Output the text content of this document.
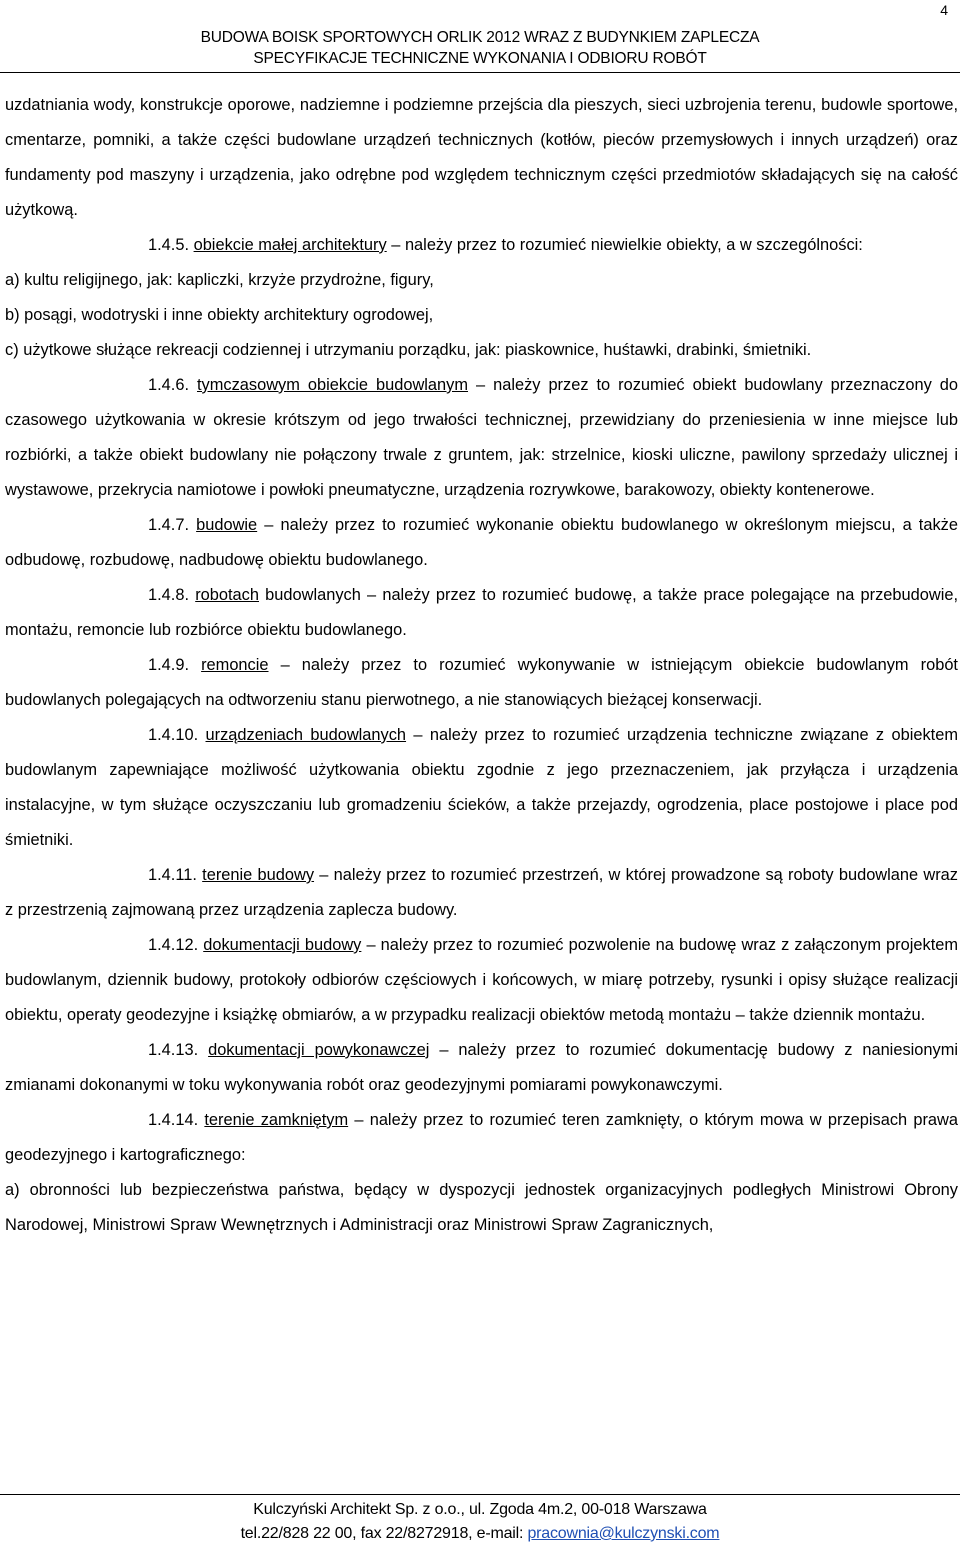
4
BUDOWA BOISK SPORTOWYCH ORLIK 2012 WRAZ Z BUDYNKIEM ZAPLECZA
SPECYFIKACJE TECHNICZNE WYKONANIA I ODBIORU ROBÓT

uzdatniania wody, konstrukcje oporowe, nadziemne i podziemne przejścia dla pieszych, sieci uzbrojenia terenu, budowle sportowe, cmentarze, pomniki, a także części budowlane urządzeń technicznych (kotłów, pieców przemysłowych i innych urządzeń) oraz fundamenty pod maszyny i urządzenia, jako odrębne pod względem technicznym części przedmiotów składających się na całość użytkową.

1.4.5. obiekcie małej architektury – należy przez to rozumieć niewielkie obiekty, a w szczególności:

a) kultu religijnego, jak: kapliczki, krzyże przydrożne, figury,

b) posągi, wodotryski i inne obiekty architektury ogrodowej,

c) użytkowe służące rekreacji codziennej i utrzymaniu porządku, jak: piaskownice, huśtawki, drabinki, śmietniki.

1.4.6. tymczasowym obiekcie budowlanym – należy przez to rozumieć obiekt budowlany przeznaczony do czasowego użytkowania w okresie krótszym od jego trwałości technicznej, przewidziany do przeniesienia w inne miejsce lub rozbiórki, a także obiekt budowlany nie połączony trwale z gruntem, jak: strzelnice, kioski uliczne, pawilony sprzedaży ulicznej i wystawowe, przekrycia namiotowe i powłoki pneumatyczne, urządzenia rozrywkowe, barakowozy, obiekty kontenerowe.

1.4.7. budowie – należy przez to rozumieć wykonanie obiektu budowlanego w określonym miejscu, a także odbudowę, rozbudowę, nadbudowę obiektu budowlanego.

1.4.8. robotach budowlanych – należy przez to rozumieć budowę, a także prace polegające na przebudowie, montażu, remoncie lub rozbiórce obiektu budowlanego.

1.4.9. remoncie – należy przez to rozumieć wykonywanie w istniejącym obiekcie budowlanym robót budowlanych polegających na odtworzeniu stanu pierwotnego, a nie stanowiących bieżącej konserwacji.

1.4.10. urządzeniach budowlanych – należy przez to rozumieć urządzenia techniczne związane z obiektem budowlanym zapewniające możliwość użytkowania obiektu zgodnie z jego przeznaczeniem, jak przyłącza i urządzenia instalacyjne, w tym służące oczyszczaniu lub gromadzeniu ścieków, a także przejazdy, ogrodzenia, place postojowe i place pod śmietniki.

1.4.11. terenie budowy – należy przez to rozumieć przestrzeń, w której prowadzone są roboty budowlane wraz z przestrzenią zajmowaną przez urządzenia zaplecza budowy.

1.4.12. dokumentacji budowy – należy przez to rozumieć pozwolenie na budowę wraz z załączonym projektem budowlanym, dziennik budowy, protokoły odbiorów częściowych i końcowych, w miarę potrzeby, rysunki i opisy służące realizacji obiektu, operaty geodezyjne i książkę obmiarów, a w przypadku realizacji obiektów metodą montażu – także dziennik montażu.

1.4.13. dokumentacji powykonawczej – należy przez to rozumieć dokumentację budowy z naniesionymi zmianami dokonanymi w toku wykonywania robót oraz geodezyjnymi pomiarami powykonawczymi.

1.4.14. terenie zamkniętym – należy przez to rozumieć teren zamknięty, o którym mowa w przepisach prawa geodezyjnego i kartograficznego:

a) obronności lub bezpieczeństwa państwa, będący w dyspozycji jednostek organizacyjnych podległych Ministrowi Obrony Narodowej, Ministrowi Spraw Wewnętrznych i Administracji oraz Ministrowi Spraw Zagranicznych,

Kulczyński Architekt Sp. z o.o., ul. Zgoda 4m.2, 00-018 Warszawa
tel.22/828 22 00, fax 22/8272918, e-mail: pracownia@kulczynski.com
